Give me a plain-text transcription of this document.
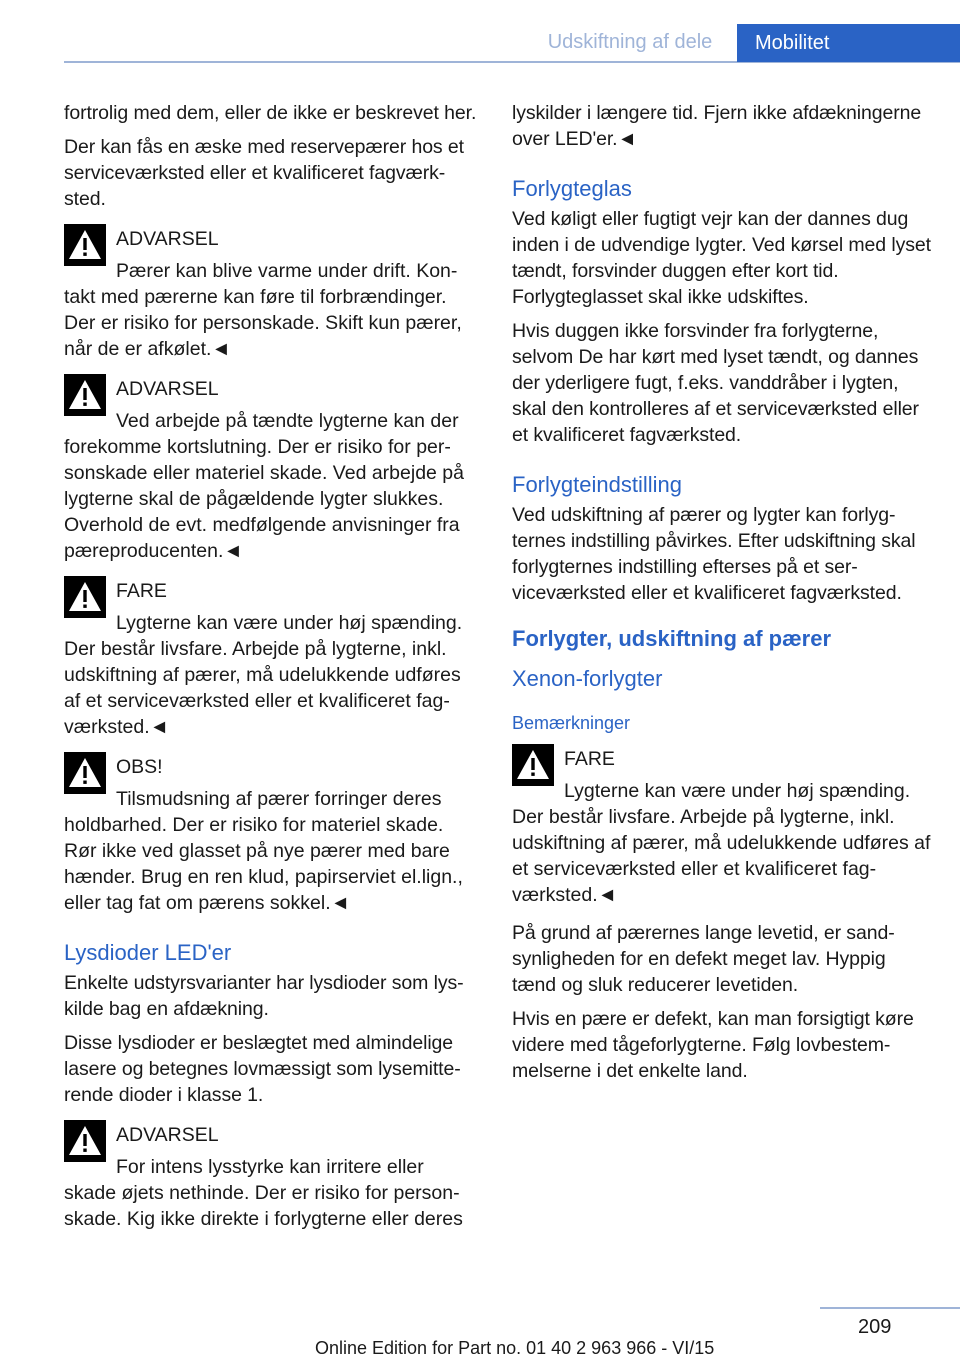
Udskiftning af dele	Mobilitet

fortrolig med dem, eller de ikke er beskrevet her.

Der kan fås en æske med reservepærer hos et serviceværksted eller et kvalificeret fagværksted.

ADVARSEL
Pærer kan blive varme under drift. Kon-

takt med pærerne kan føre til forbrændinger. Der er risiko for personskade. Skift kun pærer, når de er afkølet.◄

ADVARSEL
Ved arbejde på tændte lygterne kan der

forekomme kortslutning. Der er risiko for personskade eller materiel skade. Ved arbejde på lygterne skal de pågældende lygter slukkes. Overhold de evt. medfølgende anvisninger fra pæreproducenten.◄

FARE
Lygterne kan være under høj spænding.

Der består livsfare. Arbejde på lygterne, inkl. udskiftning af pærer, må udelukkende udføres af et serviceværksted eller et kvalificeret fagværksted.◄

OBS!
Tilsmudsning af pærer forringer deres

holdbarhed. Der er risiko for materiel skade. Rør ikke ved glasset på nye pærer med bare hænder. Brug en ren klud, papirserviet el.lign., eller tag fat om pærens sokkel.◄

Lysdioder LED'er

Enkelte udstyrsvarianter har lysdioder som lyskilde bag en afdækning.

Disse lysdioder er beslægtet med almindelige lasere og betegnes lovmæssigt som lysemitterende dioder i klasse 1.

ADVARSEL
For intens lysstyrke kan irritere eller

skade øjets nethinde. Der er risiko for personskade. Kig ikke direkte i forlygterne eller deres

lyskilder i længere tid. Fjern ikke afdækningerne over LED'er.◄

Forlygteglas

Ved køligt eller fugtigt vejr kan der dannes dug inden i de udvendige lygter. Ved kørsel med lyset tændt, forsvinder duggen efter kort tid. Forlygteglasset skal ikke udskiftes.

Hvis duggen ikke forsvinder fra forlygterne, selvom De har kørt med lyset tændt, og dannes der yderligere fugt, f.eks. vanddråber i lygten, skal den kontrolleres af et serviceværksted eller et kvalificeret fagværksted.

Forlygteindstilling

Ved udskiftning af pærer og lygter kan forlygternes indstilling påvirkes. Efter udskiftning skal forlygternes indstilling efterses på et serviceværksted eller et kvalificeret fagværksted.

Forlygter, udskiftning af pærer
Xenon-forlygter
Bemærkninger
FARE
Lygterne kan være under høj spænding.

Der består livsfare. Arbejde på lygterne, inkl. udskiftning af pærer, må udelukkende udføres af et serviceværksted eller et kvalificeret fagværksted.◄

På grund af pærernes lange levetid, er sandsynligheden for en defekt meget lav. Hyppig tænd og sluk reducerer levetiden.

Hvis en pære er defekt, kan man forsigtigt køre videre med tågeforlygterne. Følg lovbestemmelserne i det enkelte land.

209
Online Edition for Part no. 01 40 2 963 966 - VI/15
